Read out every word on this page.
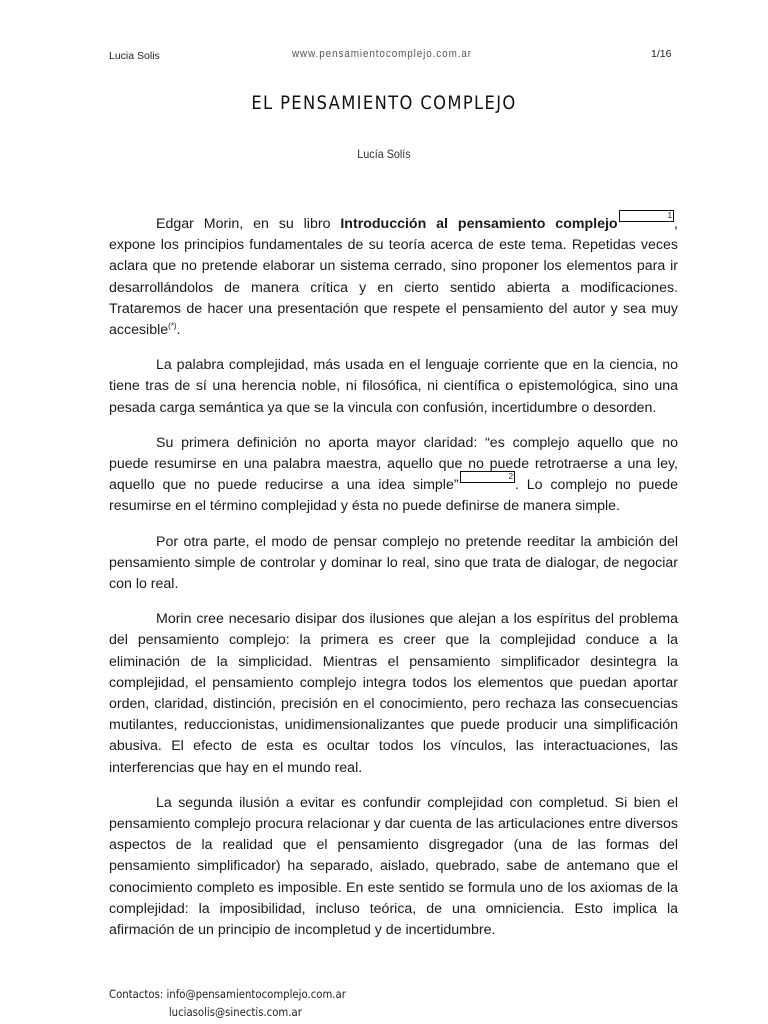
Lucia Solis	www.pensamientocomplejo.com.ar	1/16
EL PENSAMIENTO COMPLEJO
Lucía Solís

Edgar Morin, en su libro Introducción al pensamiento complejo1, expone los principios fundamentales de su teoría acerca de este tema. Repetidas veces aclara que no pretende elaborar un sistema cerrado, sino proponer los elementos para ir desarrollándolos de manera crítica y en cierto sentido abierta a modificaciones. Trataremos de hacer una presentación que respete el pensamiento del autor y sea muy accesible(*).

La palabra complejidad, más usada en el lenguaje corriente que en la ciencia, no tiene tras de sí una herencia noble, ni filosófica, ni científica o epistemológica, sino una pesada carga semántica ya que se la vincula con confusión, incertidumbre o desorden.

Su primera definición no aporta mayor claridad: “es complejo aquello que no puede resumirse en una palabra maestra, aquello que no puede retrotraerse a una ley, aquello que no puede reducirse a una idea simple”2. Lo complejo no puede resumirse en el término complejidad y ésta no puede definirse de manera simple.

Por otra parte, el modo de pensar complejo no pretende reeditar la ambición del pensamiento simple de controlar y dominar lo real, sino que trata de dialogar, de negociar con lo real.

Morin cree necesario disipar dos ilusiones que alejan a los espíritus del problema del pensamiento complejo: la primera es creer que la complejidad conduce a la eliminación de la simplicidad. Mientras el pensamiento simplificador desintegra la complejidad, el pensamiento complejo integra todos los elementos que puedan aportar orden, claridad, distinción, precisión en el conocimiento, pero rechaza las consecuencias mutilantes, reduccionistas, unidimensionalizantes que puede producir una simplificación abusiva. El efecto de esta es ocultar todos los vínculos, las interactuaciones, las interferencias que hay en el mundo real.

La segunda ilusión a evitar es confundir complejidad con completud. Si bien el pensamiento complejo procura relacionar y dar cuenta de las articulaciones entre diversos aspectos de la realidad que el pensamiento disgregador (una de las formas del pensamiento simplificador) ha separado, aislado, quebrado, sabe de antemano que el conocimiento completo es imposible. En este sentido se formula uno de los axiomas de la complejidad: la imposibilidad, incluso teórica, de una omniciencia. Esto implica la afirmación de un principio de incompletud y de incertidumbre.

Contactos: info@pensamientocomplejo.com.ar
luciasolis@sinectis.com.ar
